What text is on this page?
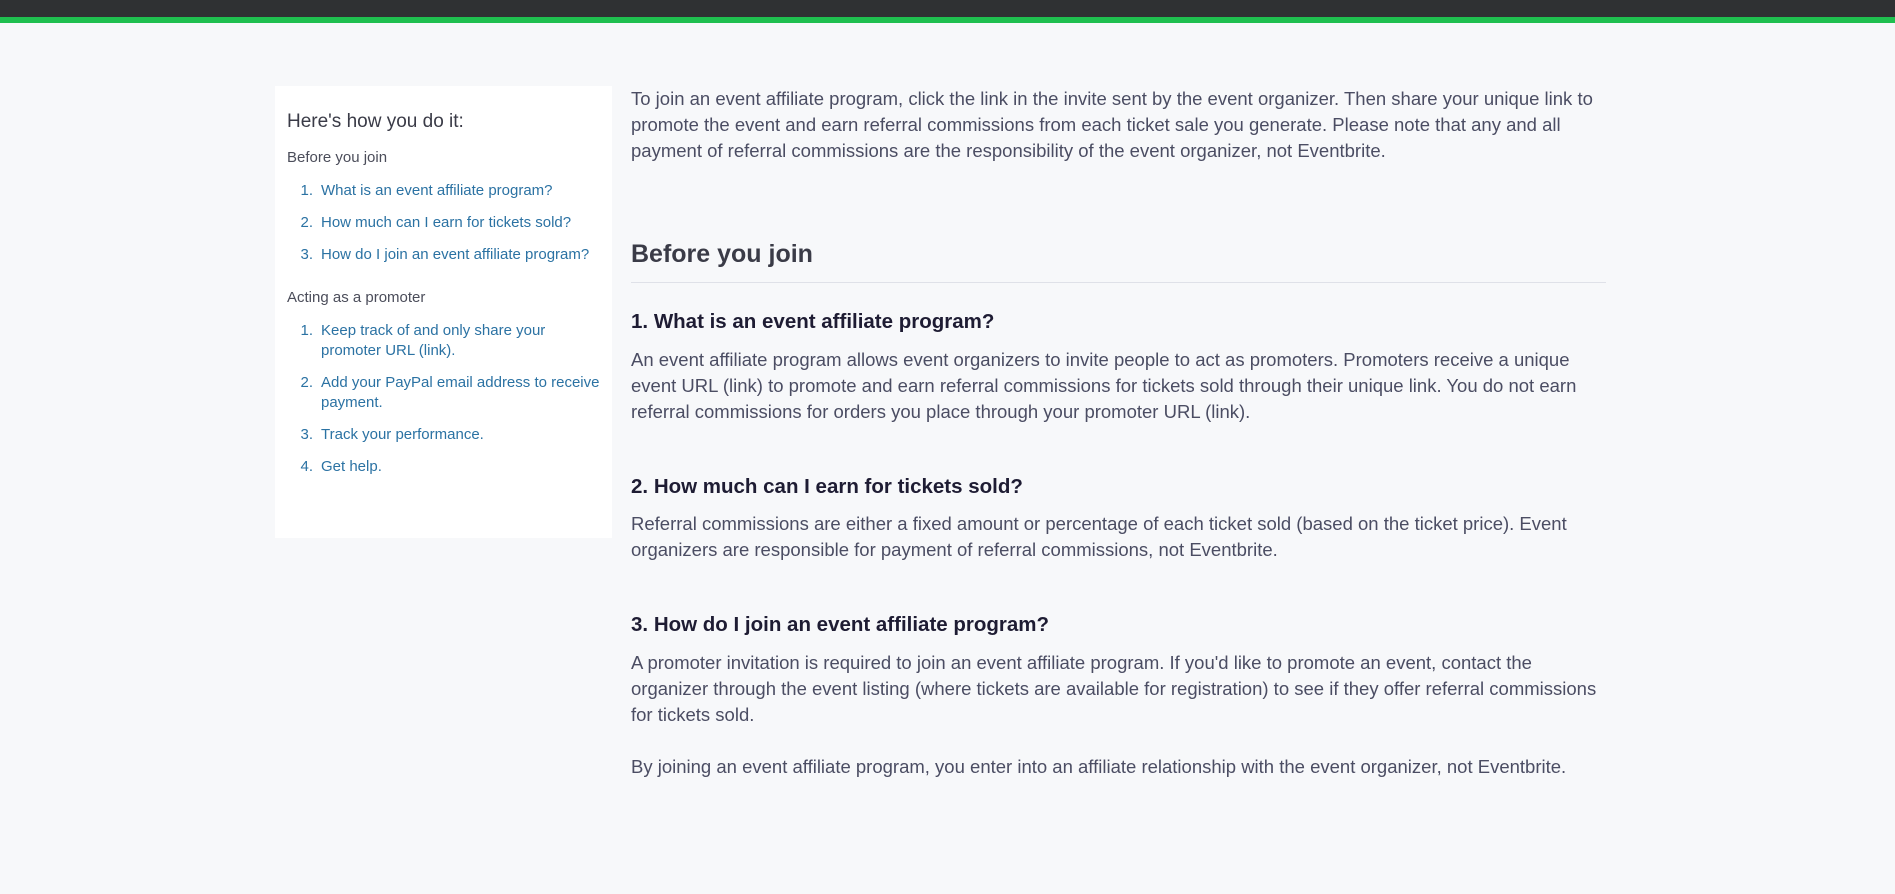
Here's how you do it:
Before you join
1. What is an event affiliate program?
2. How much can I earn for tickets sold?
3. How do I join an event affiliate program?
Acting as a promoter
1. Keep track of and only share your promoter URL (link).
2. Add your PayPal email address to receive payment.
3. Track your performance.
4. Get help.

To join an event affiliate program, click the link in the invite sent by the event organizer. Then share your unique link to promote the event and earn referral commissions from each ticket sale you generate. Please note that any and all payment of referral commissions are the responsibility of the event organizer, not Eventbrite.

Before you join
1. What is an event affiliate program?

An event affiliate program allows event organizers to invite people to act as promoters. Promoters receive a unique event URL (link) to promote and earn referral commissions for tickets sold through their unique link. You do not earn referral commissions for orders you place through your promoter URL (link).

2. How much can I earn for tickets sold?

Referral commissions are either a fixed amount or percentage of each ticket sold (based on the ticket price). Event organizers are responsible for payment of referral commissions, not Eventbrite.

3. How do I join an event affiliate program?

A promoter invitation is required to join an event affiliate program. If you'd like to promote an event, contact the organizer through the event listing (where tickets are available for registration) to see if they offer referral commissions for tickets sold.

By joining an event affiliate program, you enter into an affiliate relationship with the event organizer, not Eventbrite.
